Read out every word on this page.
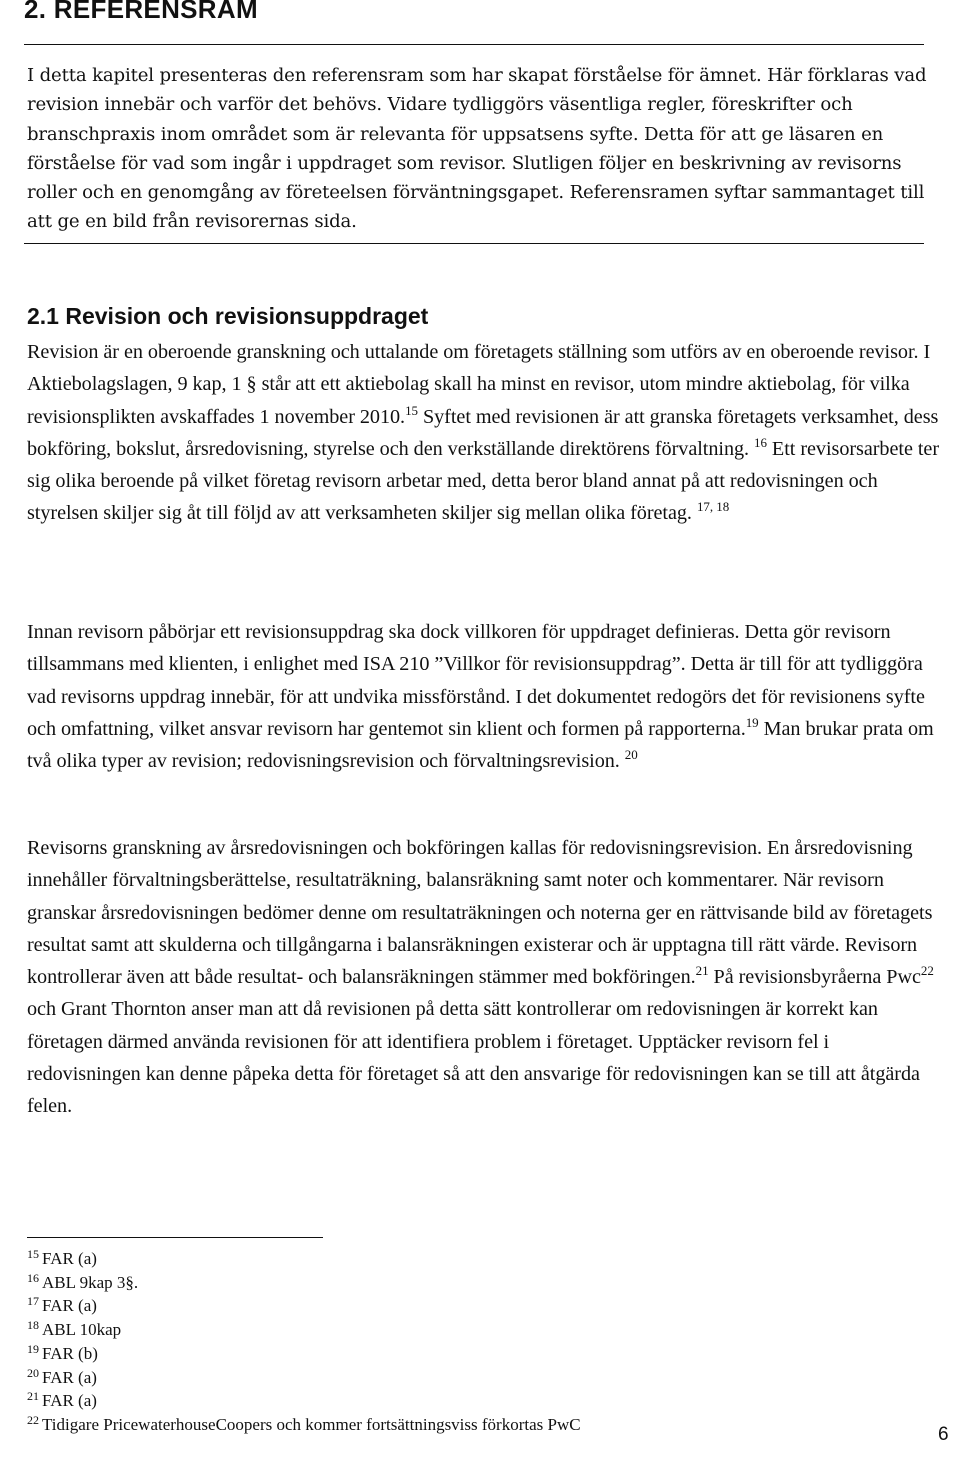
2. REFERENSRAM

I detta kapitel presenteras den referensram som har skapat förståelse för ämnet. Här förklaras vad revision innebär och varför det behövs. Vidare tydliggörs väsentliga regler, föreskrifter och branschpraxis inom området som är relevanta för uppsatsens syfte. Detta för att ge läsaren en förståelse för vad som ingår i uppdraget som revisor. Slutligen följer en beskrivning av revisorns roller och en genomgång av företeelsen förväntningsgapet. Referensramen syftar sammantaget till att ge en bild från revisorernas sida.

2.1 Revision och revisionsuppdraget

Revision är en oberoende granskning och uttalande om företagets ställning som utförs av en oberoende revisor. I Aktiebolagslagen, 9 kap, 1 § står att ett aktiebolag skall ha minst en revisor, utom mindre aktiebolag, för vilka revisionsplikten avskaffades 1 november 2010.15 Syftet med revisionen är att granska företagets verksamhet, dess bokföring, bokslut, årsredovisning, styrelse och den verkställande direktörens förvaltning. $^{16}$ Ett revisorsarbete ter sig olika beroende på vilket företag revisorn arbetar med, detta beror bland annat på att redovisningen och styrelsen skiljer sig åt till följd av att verksamheten skiljer sig mellan olika företag. $^{17, 18}$

Innan revisorn påbörjar ett revisionsuppdrag ska dock villkoren för uppdraget definieras. Detta gör revisorn tillsammans med klienten, i enlighet med ISA 210 ”Villkor för revisionsuppdrag”. Detta är till för att tydliggöra vad revisorns uppdrag innebär, för att undvika missförstånd. I det dokumentet redogörs det för revisionens syfte och omfattning, vilket ansvar revisorn har gentemot sin klient och formen på rapporterna.$^{19}$ Man brukar prata om två olika typer av revision; redovisningsrevision och förvaltningsrevision. $^{20}$

Revisorns granskning av årsredovisningen och bokföringen kallas för redovisningsrevision. En årsredovisning innehåller förvaltningsberättelse, resultaträkning, balansräkning samt noter och kommentarer. När revisorn granskar årsredovisningen bedömer denne om resultaträkningen och noterna ger en rättvisande bild av företagets resultat samt att skulderna och tillgångarna i balansräkningen existerar och är upptagna till rätt värde. Revisorn kontrollerar även att både resultat- och balansräkningen stämmer med bokföringen.$^{21}$ På revisionsbyråerna Pwc$^{22}$ och Grant Thornton anser man att då revisionen på detta sätt kontrollerar om redovisningen är korrekt kan företagen därmed använda revisionen för att identifiera problem i företaget. Upptäcker revisorn fel i redovisningen kan denne påpeka detta för företaget så att den ansvarige för redovisningen kan se till att åtgärda felen.

$^{15}$ FAR (a)
$^{16}$ ABL 9kap 3§.
$^{17}$ FAR (a)
$^{18}$ ABL 10kap
$^{19}$ FAR (b)
$^{20}$ FAR (a)
$^{21}$ FAR (a)
$^{22}$ Tidigare PricewaterhouseCoopers och kommer fortsättningsviss förkortas PwC	6
